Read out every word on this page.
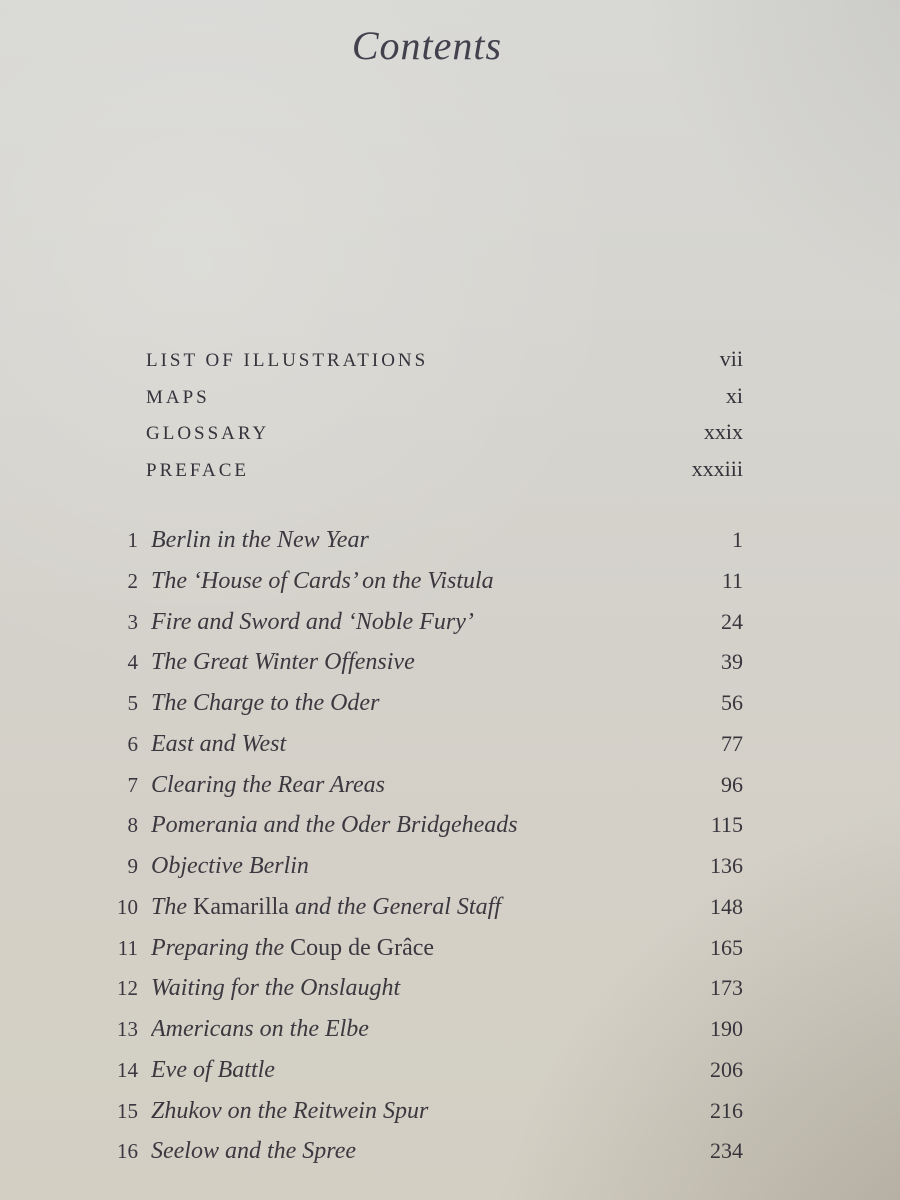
Contents
LIST OF ILLUSTRATIONS	vii
MAPS	xi
GLOSSARY	xxix
PREFACE	xxxiii
1 Berlin in the New Year	1
2 The ‘House of Cards’ on the Vistula	11
3 Fire and Sword and ‘Noble Fury’	24
4 The Great Winter Offensive	39
5 The Charge to the Oder	56
6 East and West	77
7 Clearing the Rear Areas	96
8 Pomerania and the Oder Bridgeheads	115
9 Objective Berlin	136
10 The Kamarilla and the General Staff	148
11 Preparing the Coup de Grâce	165
12 Waiting for the Onslaught	173
13 Americans on the Elbe	190
14 Eve of Battle	206
15 Zhukov on the Reitwein Spur	216
16 Seelow and the Spree	234
